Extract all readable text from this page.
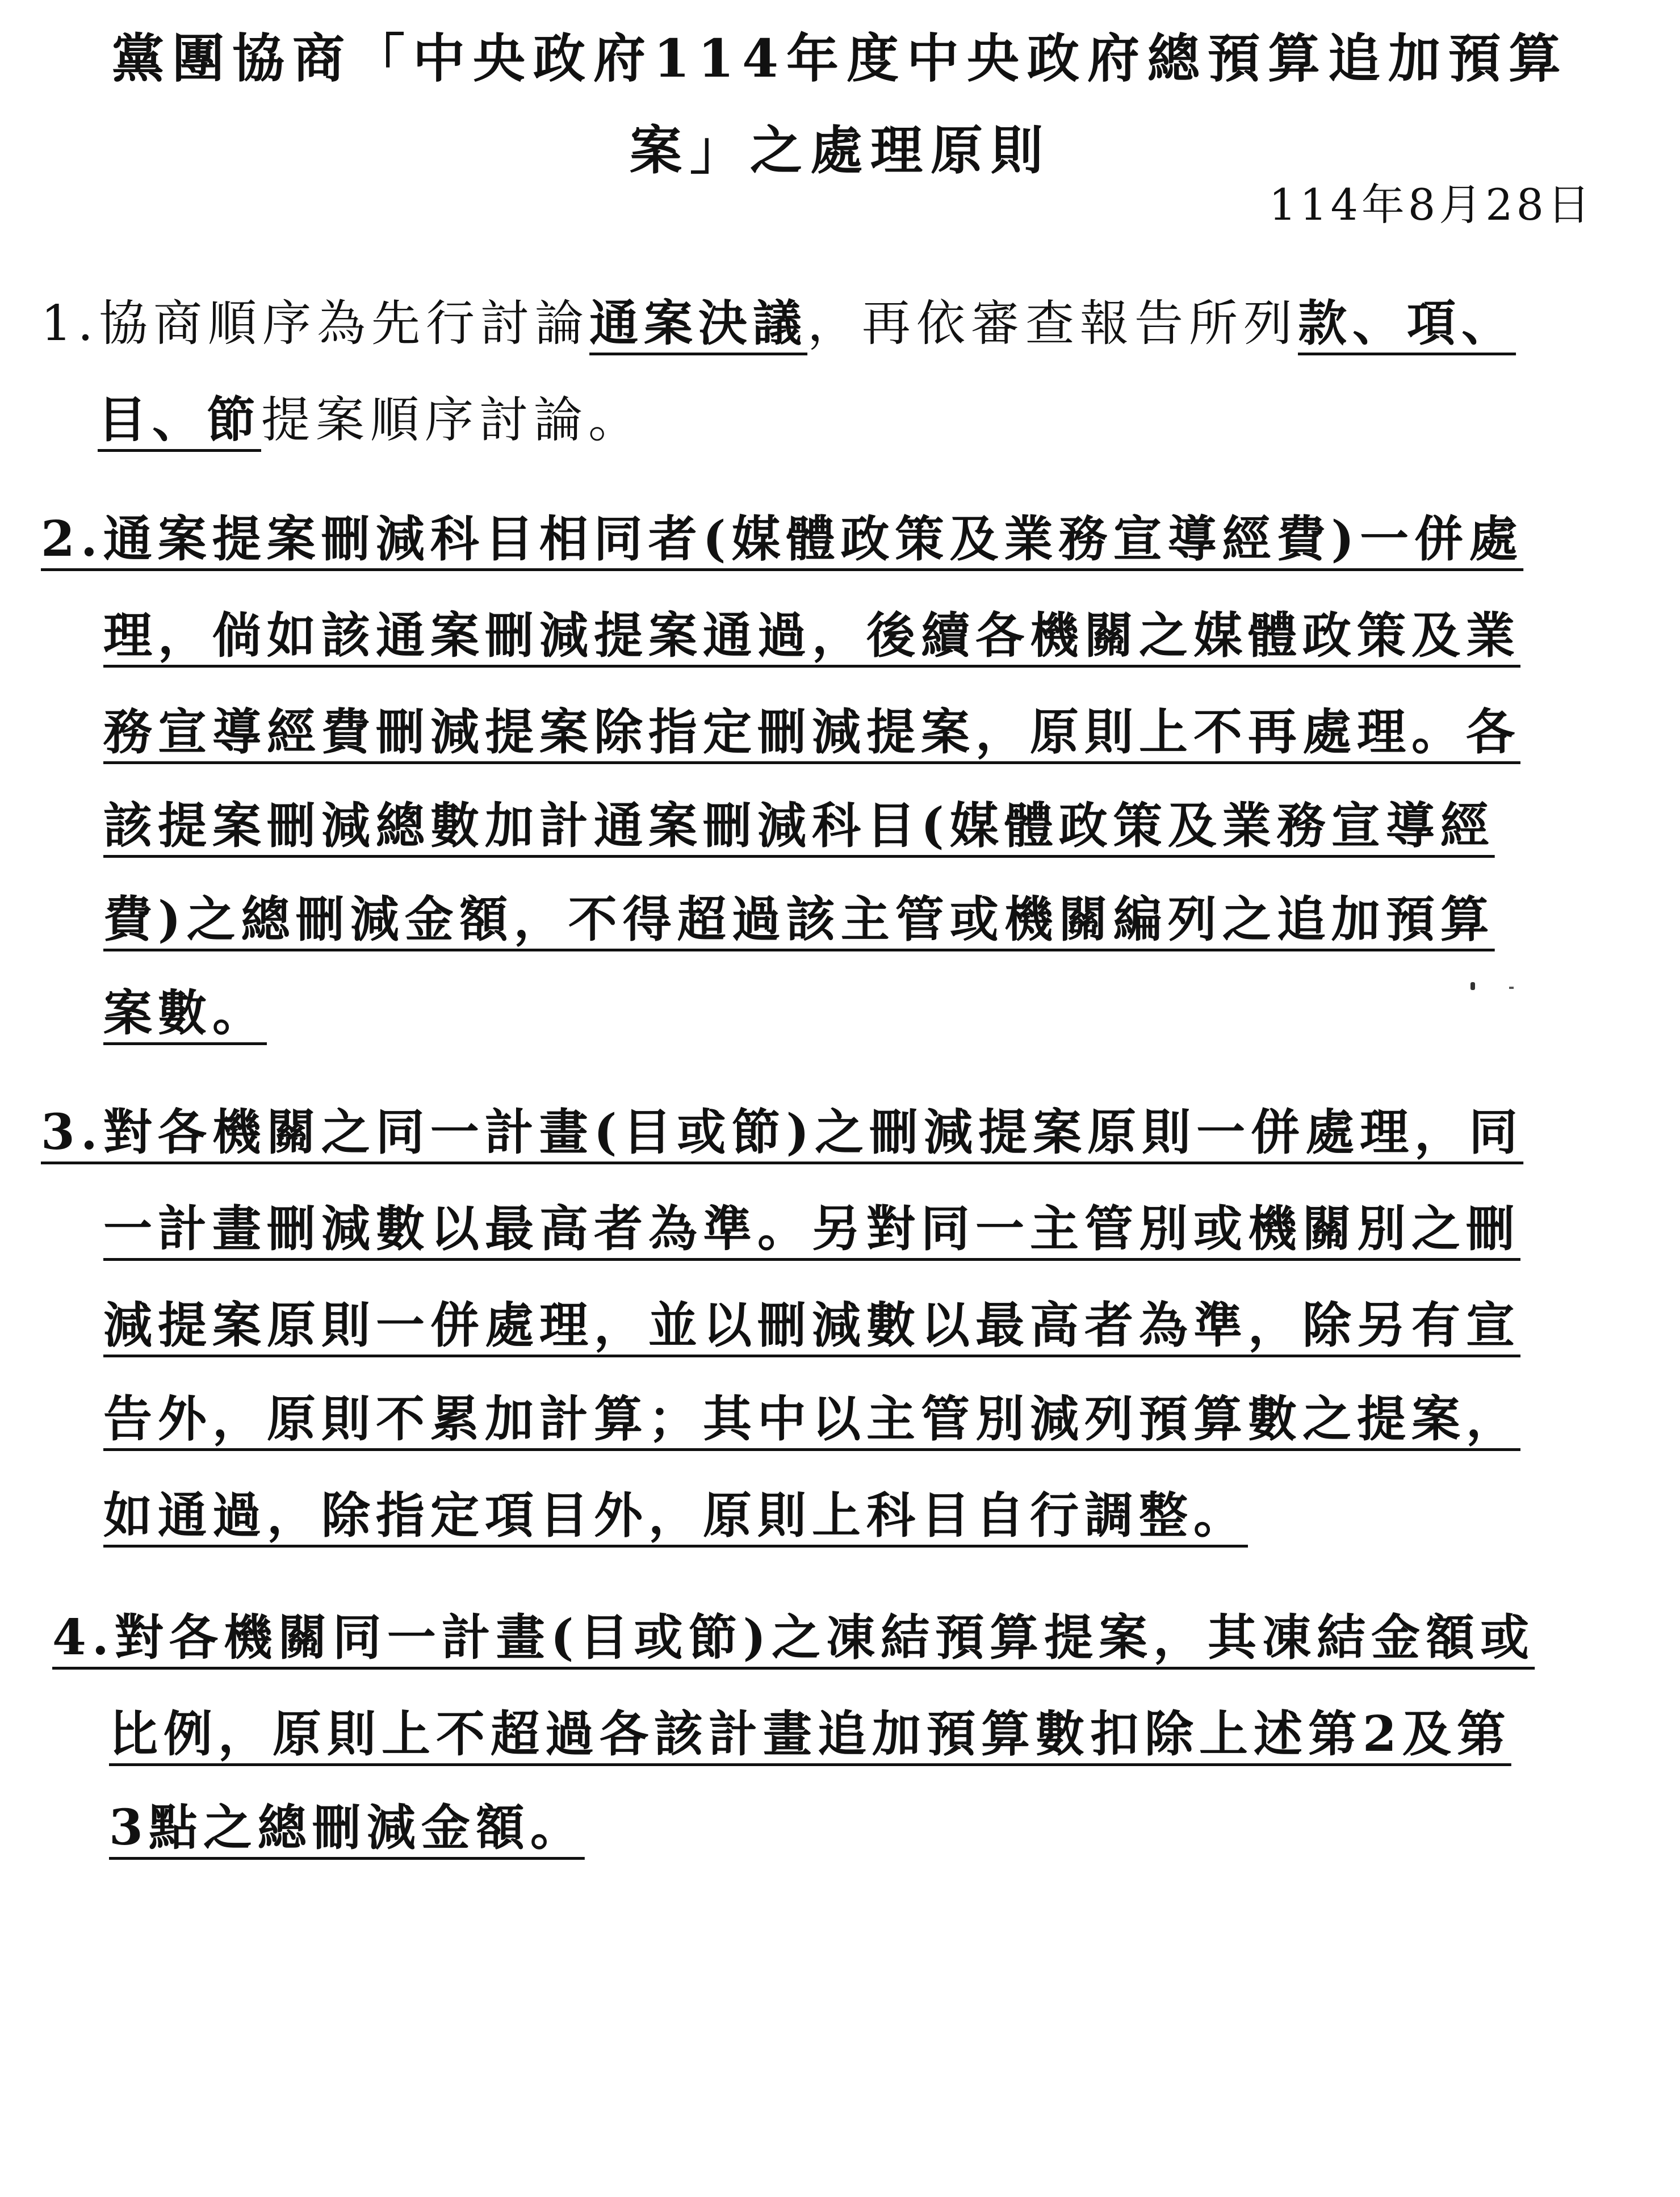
黨團協商「中央政府114年度中央政府總預算追加預算
案」之處理原則
114年8月28日
1.協商順序為先行討論通案決議，再依審查報告所列款、項、
目、節提案順序討論。
2.通案提案刪減科目相同者(媒體政策及業務宣導經費)一併處
理，倘如該通案刪減提案通過，後續各機關之媒體政策及業
務宣導經費刪減提案除指定刪減提案，原則上不再處理。各
該提案刪減總數加計通案刪減科目(媒體政策及業務宣導經
費)之總刪減金額，不得超過該主管或機關編列之追加預算
案數。
3.對各機關之同一計畫(目或節)之刪減提案原則一併處理，同
一計畫刪減數以最高者為準。另對同一主管別或機關別之刪
減提案原則一併處理，並以刪減數以最高者為準，除另有宣
告外，原則不累加計算；其中以主管別減列預算數之提案，
如通過，除指定項目外，原則上科目自行調整。
4.對各機關同一計畫(目或節)之凍結預算提案，其凍結金額或
比例，原則上不超過各該計畫追加預算數扣除上述第2及第
3點之總刪減金額。
